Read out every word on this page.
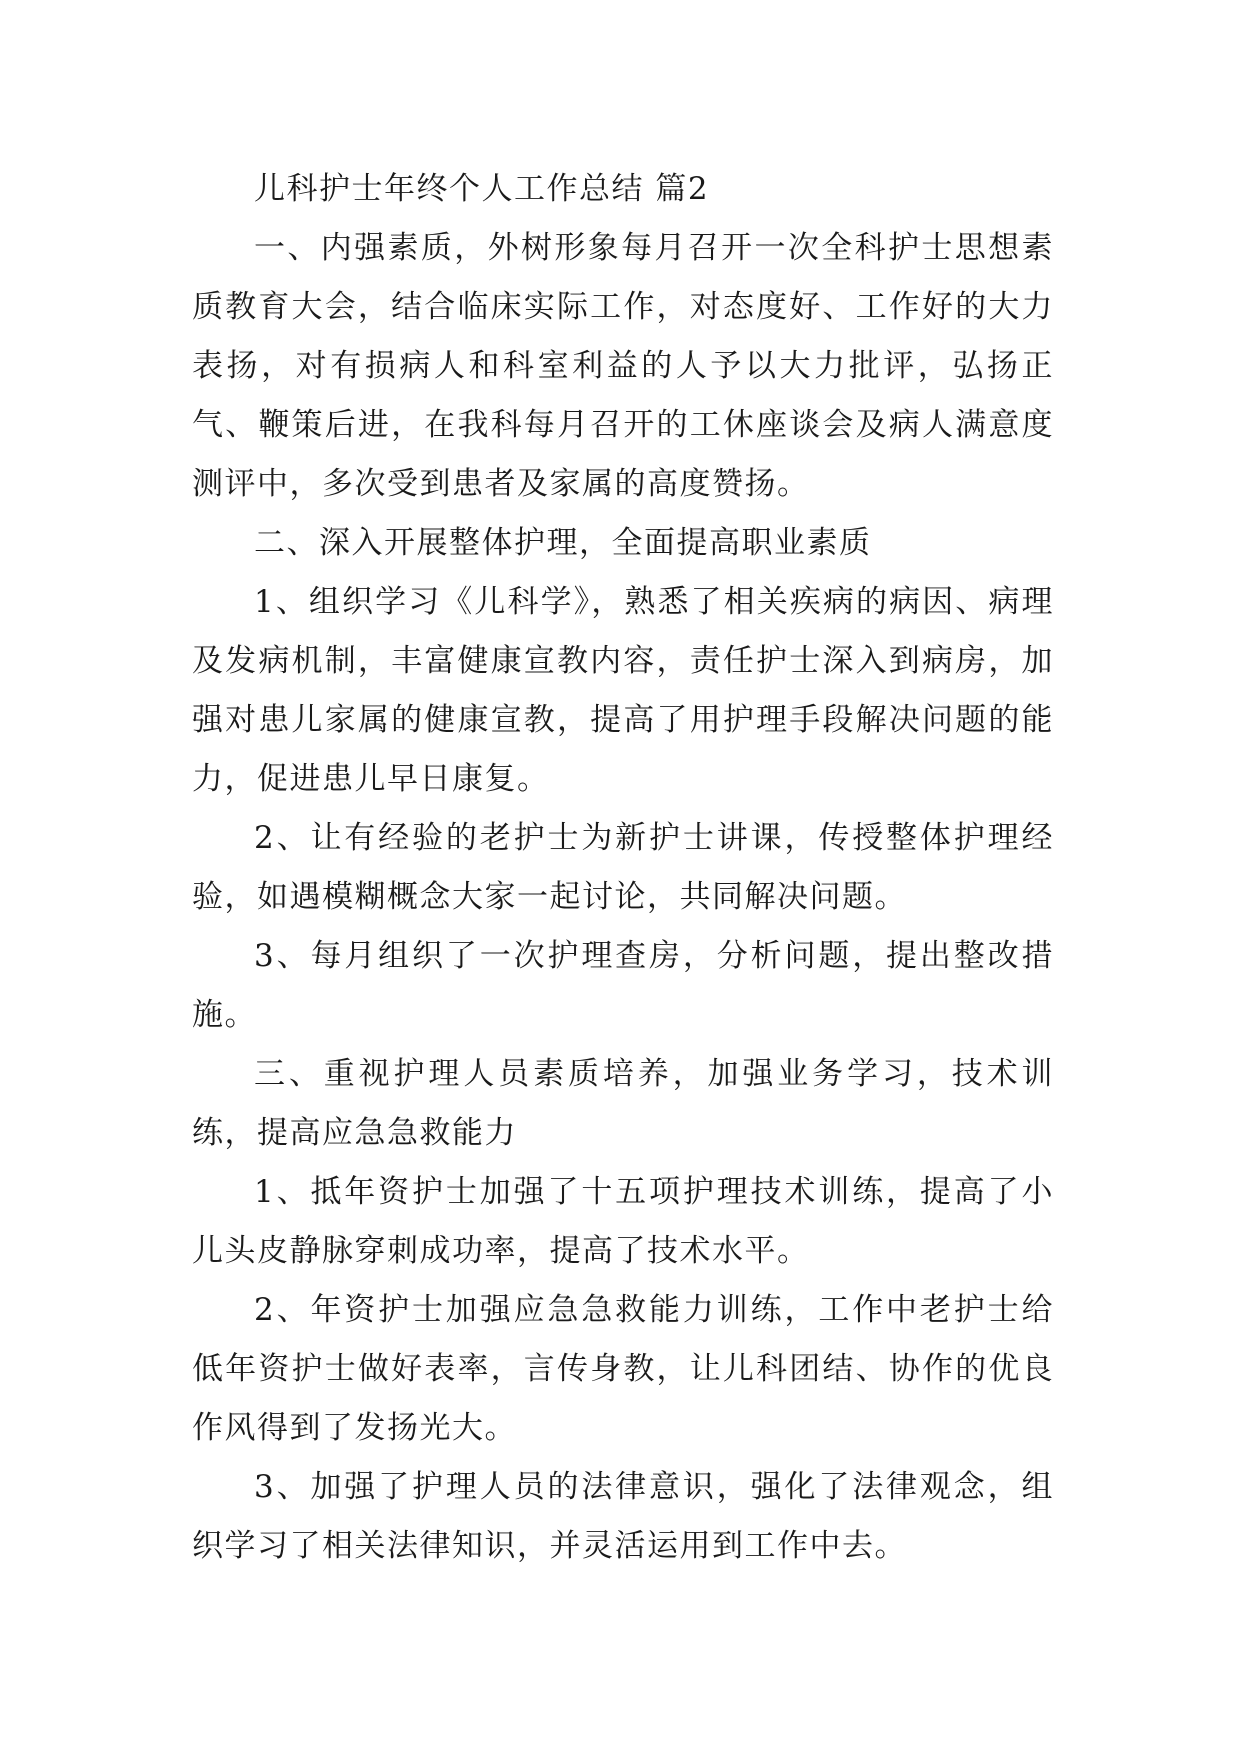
儿科护士年终个人工作总结 篇2

一、内强素质，外树形象每月召开一次全科护士思想素质教育大会，结合临床实际工作，对态度好、工作好的大力表扬，对有损病人和科室利益的人予以大力批评，弘扬正气、鞭策后进，在我科每月召开的工休座谈会及病人满意度测评中，多次受到患者及家属的高度赞扬。

二、深入开展整体护理，全面提高职业素质

1、组织学习《儿科学》，熟悉了相关疾病的病因、病理及发病机制，丰富健康宣教内容，责任护士深入到病房，加强对患儿家属的健康宣教，提高了用护理手段解决问题的能力，促进患儿早日康复。

2、让有经验的老护士为新护士讲课，传授整体护理经验，如遇模糊概念大家一起讨论，共同解决问题。

3、每月组织了一次护理查房，分析问题，提出整改措施。

三、重视护理人员素质培养，加强业务学习，技术训练，提高应急急救能力

1、抵年资护士加强了十五项护理技术训练，提高了小儿头皮静脉穿刺成功率，提高了技术水平。

2、年资护士加强应急急救能力训练，工作中老护士给低年资护士做好表率，言传身教，让儿科团结、协作的优良作风得到了发扬光大。

3、加强了护理人员的法律意识，强化了法律观念，组织学习了相关法律知识，并灵活运用到工作中去。
